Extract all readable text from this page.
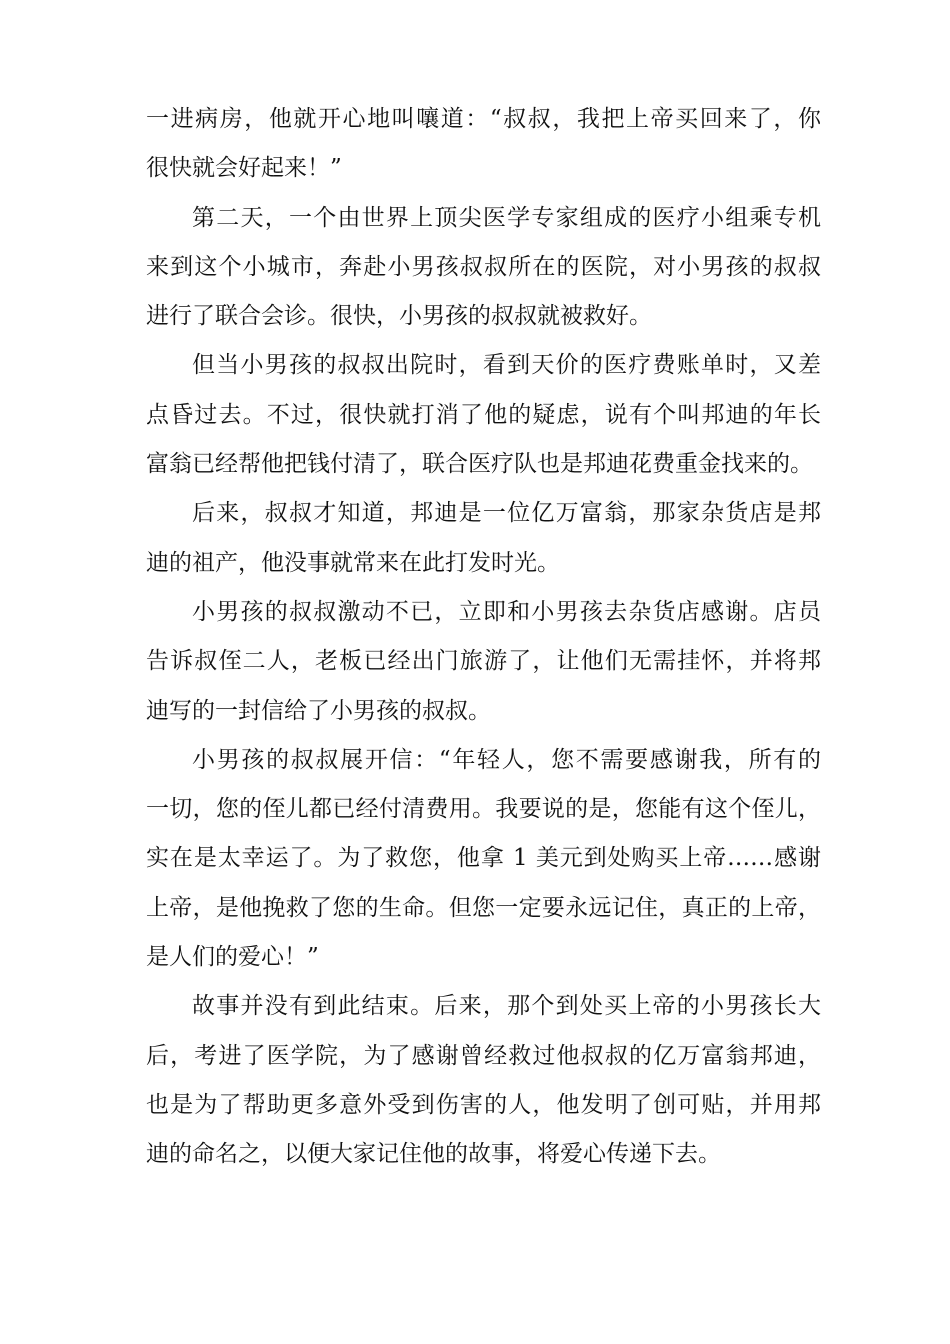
一进病房，他就开心地叫嚷道：“叔叔，我把上帝买回来了，你
很快就会好起来！”
第二天，一个由世界上顶尖医学专家组成的医疗小组乘专机
来到这个小城市，奔赴小男孩叔叔所在的医院，对小男孩的叔叔
进行了联合会诊。很快，小男孩的叔叔就被救好。
但当小男孩的叔叔出院时，看到天价的医疗费账单时，又差
点昏过去。不过，很快就打消了他的疑虑，说有个叫邦迪的年长
富翁已经帮他把钱付清了，联合医疗队也是邦迪花费重金找来的。
后来，叔叔才知道，邦迪是一位亿万富翁，那家杂货店是邦
迪的祖产，他没事就常来在此打发时光。
小男孩的叔叔激动不已，立即和小男孩去杂货店感谢。店员
告诉叔侄二人，老板已经出门旅游了，让他们无需挂怀，并将邦
迪写的一封信给了小男孩的叔叔。
小男孩的叔叔展开信：“年轻人，您不需要感谢我，所有的
一切，您的侄儿都已经付清费用。我要说的是，您能有这个侄儿，
实在是太幸运了。为了救您，他拿 1 美元到处购买上帝……感谢
上帝，是他挽救了您的生命。但您一定要永远记住，真正的上帝，
是人们的爱心！”
故事并没有到此结束。后来，那个到处买上帝的小男孩长大
后，考进了医学院，为了感谢曾经救过他叔叔的亿万富翁邦迪，
也是为了帮助更多意外受到伤害的人，他发明了创可贴，并用邦
迪的命名之，以便大家记住他的故事，将爱心传递下去。
